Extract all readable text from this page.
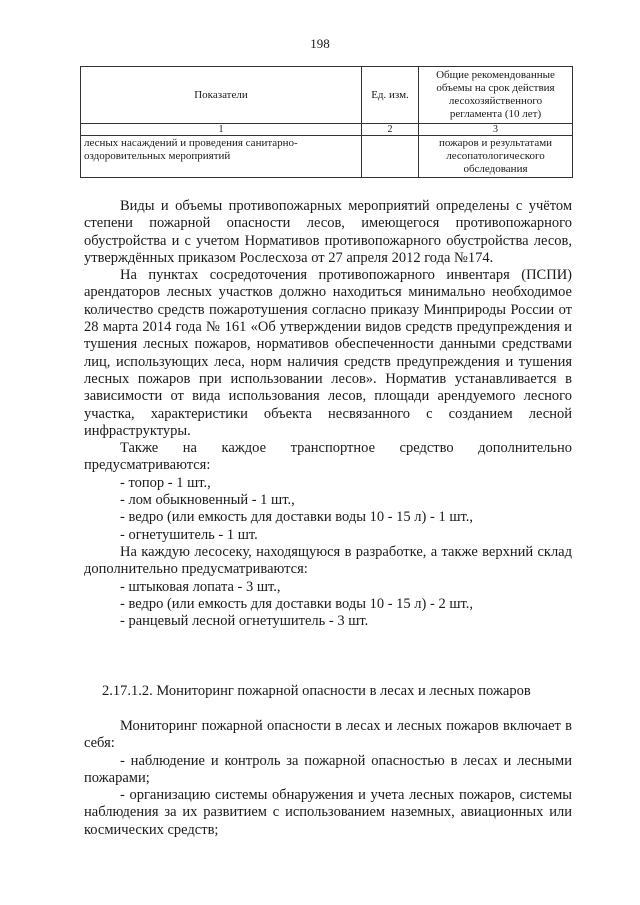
198
Показатели	Ед. изм.	Общие рекомендованные объемы на срок действия лесохозяйственного регламента (10 лет)
1	2	3
лесных насаждений и проведения санитарно-оздоровительных мероприятий		пожаров и результатами лесопатологического обследования

Виды и объемы противопожарных мероприятий определены с учётом степени пожарной опасности лесов, имеющегося противопожарного обустройства и с учетом Нормативов противопожарного обустройства лесов, утверждённых приказом Рослесхоза от 27 апреля 2012 года №174.

На пунктах сосредоточения противопожарного инвентаря (ПСПИ) арендаторов лесных участков должно находиться минимально необходимое количество средств пожаротушения согласно приказу Минприроды России от 28 марта 2014 года № 161 «Об утверждении видов средств предупреждения и тушения лесных пожаров, нормативов обеспеченности данными средствами лиц, использующих леса, норм наличия средств предупреждения и тушения лесных пожаров при использовании лесов». Норматив устанавливается в зависимости от вида использования лесов, площади арендуемого лесного участка, характеристики объекта несвязанного с созданием лесной инфраструктуры.

Также на каждое транспортное средство дополнительно предусматриваются:

- топор - 1 шт.,

- лом обыкновенный - 1 шт.,

- ведро (или емкость для доставки воды 10 - 15 л) - 1 шт.,

- огнетушитель - 1 шт.

На каждую лесосеку, находящуюся в разработке, а также верхний склад дополнительно предусматриваются:

- штыковая лопата - 3 шт.,

- ведро (или емкость для доставки воды 10 - 15 л) - 2 шт.,

- ранцевый лесной огнетушитель - 3 шт.

2.17.1.2. Мониторинг пожарной опасности в лесах и лесных пожаров

Мониторинг пожарной опасности в лесах и лесных пожаров включает в себя:

- наблюдение и контроль за пожарной опасностью в лесах и лесными пожарами;

- организацию системы обнаружения и учета лесных пожаров, системы наблюдения за их развитием с использованием наземных, авиационных или космических средств;
